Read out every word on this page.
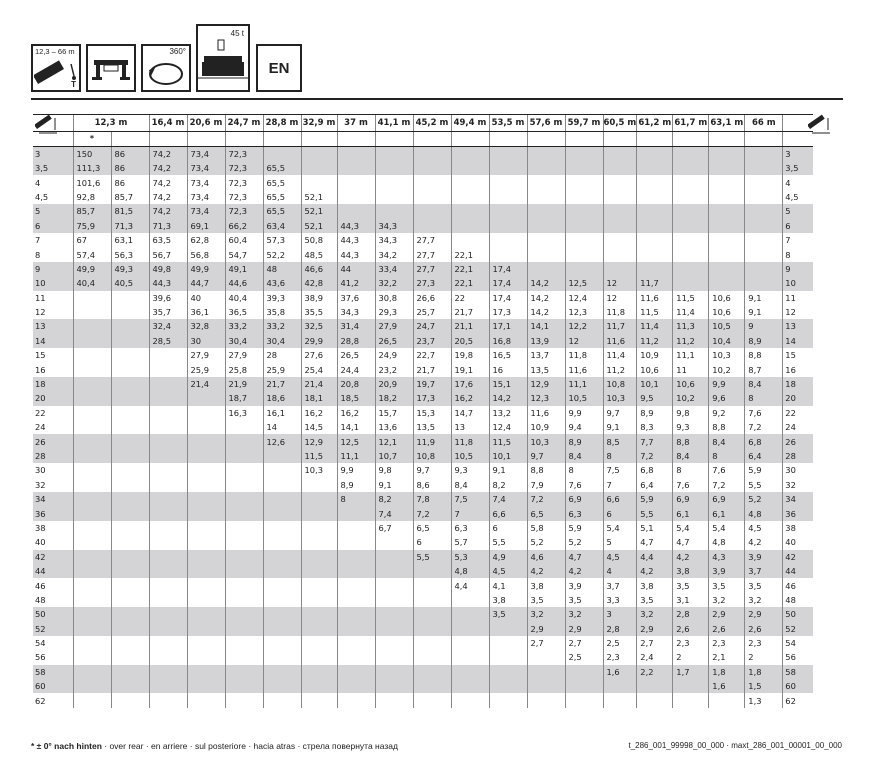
12,3 – 66 m
T
360°
45 t
EN
	12,3 m		16,4 m	20,6 m	24,7 m	28,8 m	32,9 m	37 m	41,1 m	45,2 m	49,4 m	53,5 m	57,6 m	59,7 m	60,5 m	61,2 m	61,7 m	63,1 m	66 m	
	*																			
3	150	86	74,2	73,4	72,3															3
3,5	111,3	86	74,2	73,4	72,3	65,5														3,5
4	101,6	86	74,2	73,4	72,3	65,5														4
4,5	92,8	85,7	74,2	73,4	72,3	65,5	52,1													4,5
5	85,7	81,5	74,2	73,4	72,3	65,5	52,1													5
6	75,9	71,3	71,3	69,1	66,2	63,4	52,1	44,3	34,3											6
7	67	63,1	63,5	62,8	60,4	57,3	50,8	44,3	34,3	27,7										7
8	57,4	56,3	56,7	56,8	54,7	52,2	48,5	44,3	34,2	27,7	22,1									8
9	49,9	49,3	49,8	49,9	49,1	48	46,6	44	33,4	27,7	22,1	17,4								9
10	40,4	40,5	44,3	44,7	44,6	43,6	42,8	41,2	32,2	27,3	22,1	17,4	14,2	12,5	12	11,7				10
11			39,6	40	40,4	39,3	38,9	37,6	30,8	26,6	22	17,4	14,2	12,4	12	11,6	11,5	10,6	9,1	11
12			35,7	36,1	36,5	35,8	35,5	34,3	29,3	25,7	21,7	17,3	14,2	12,3	11,8	11,5	11,4	10,6	9,1	12
13			32,4	32,8	33,2	33,2	32,5	31,4	27,9	24,7	21,1	17,1	14,1	12,2	11,7	11,4	11,3	10,5	9	13
14			28,5	30	30,4	30,4	29,9	28,8	26,5	23,7	20,5	16,8	13,9	12	11,6	11,2	11,2	10,4	8,9	14
15				27,9	27,9	28	27,6	26,5	24,9	22,7	19,8	16,5	13,7	11,8	11,4	10,9	11,1	10,3	8,8	15
16				25,9	25,8	25,9	25,4	24,4	23,2	21,7	19,1	16	13,5	11,6	11,2	10,6	11	10,2	8,7	16
18				21,4	21,9	21,7	21,4	20,8	20,9	19,7	17,6	15,1	12,9	11,1	10,8	10,1	10,6	9,9	8,4	18
20					18,7	18,6	18,1	18,5	18,2	17,3	16,2	14,2	12,3	10,5	10,3	9,5	10,2	9,6	8	20
22					16,3	16,1	16,2	16,2	15,7	15,3	14,7	13,2	11,6	9,9	9,7	8,9	9,8	9,2	7,6	22
24						14	14,5	14,1	13,6	13,5	13	12,4	10,9	9,4	9,1	8,3	9,3	8,8	7,2	24
26						12,6	12,9	12,5	12,1	11,9	11,8	11,5	10,3	8,9	8,5	7,7	8,8	8,4	6,8	26
28							11,5	11,1	10,7	10,8	10,5	10,1	9,7	8,4	8	7,2	8,4	8	6,4	28
30							10,3	9,9	9,8	9,7	9,3	9,1	8,8	8	7,5	6,8	8	7,6	5,9	30
32								8,9	9,1	8,6	8,4	8,2	7,9	7,6	7	6,4	7,6	7,2	5,5	32
34								8	8,2	7,8	7,5	7,4	7,2	6,9	6,6	5,9	6,9	6,9	5,2	34
36									7,4	7,2	7	6,6	6,5	6,3	6	5,5	6,1	6,1	4,8	36
38									6,7	6,5	6,3	6	5,8	5,9	5,4	5,1	5,4	5,4	4,5	38
40										6	5,7	5,5	5,2	5,2	5	4,7	4,7	4,8	4,2	40
42										5,5	5,3	4,9	4,6	4,7	4,5	4,4	4,2	4,3	3,9	42
44											4,8	4,5	4,2	4,2	4	4,2	3,8	3,9	3,7	44
46											4,4	4,1	3,8	3,9	3,7	3,8	3,5	3,5	3,5	46
48												3,8	3,5	3,5	3,3	3,5	3,1	3,2	3,2	48
50												3,5	3,2	3,2	3	3,2	2,8	2,9	2,9	50
52													2,9	2,9	2,8	2,9	2,6	2,6	2,6	52
54													2,7	2,7	2,5	2,7	2,3	2,3	2,3	54
56														2,5	2,3	2,4	2	2,1	2	56
58															1,6	2,2	1,7	1,8	1,8	58
60																		1,6	1,5	60
62																			1,3	62
* ± 0° nach hinten · over rear · en arriere · sul posteriore · hacia atras · стрела повернута назад	t_286_001_99998_00_000 · maxt_286_001_00001_00_000
